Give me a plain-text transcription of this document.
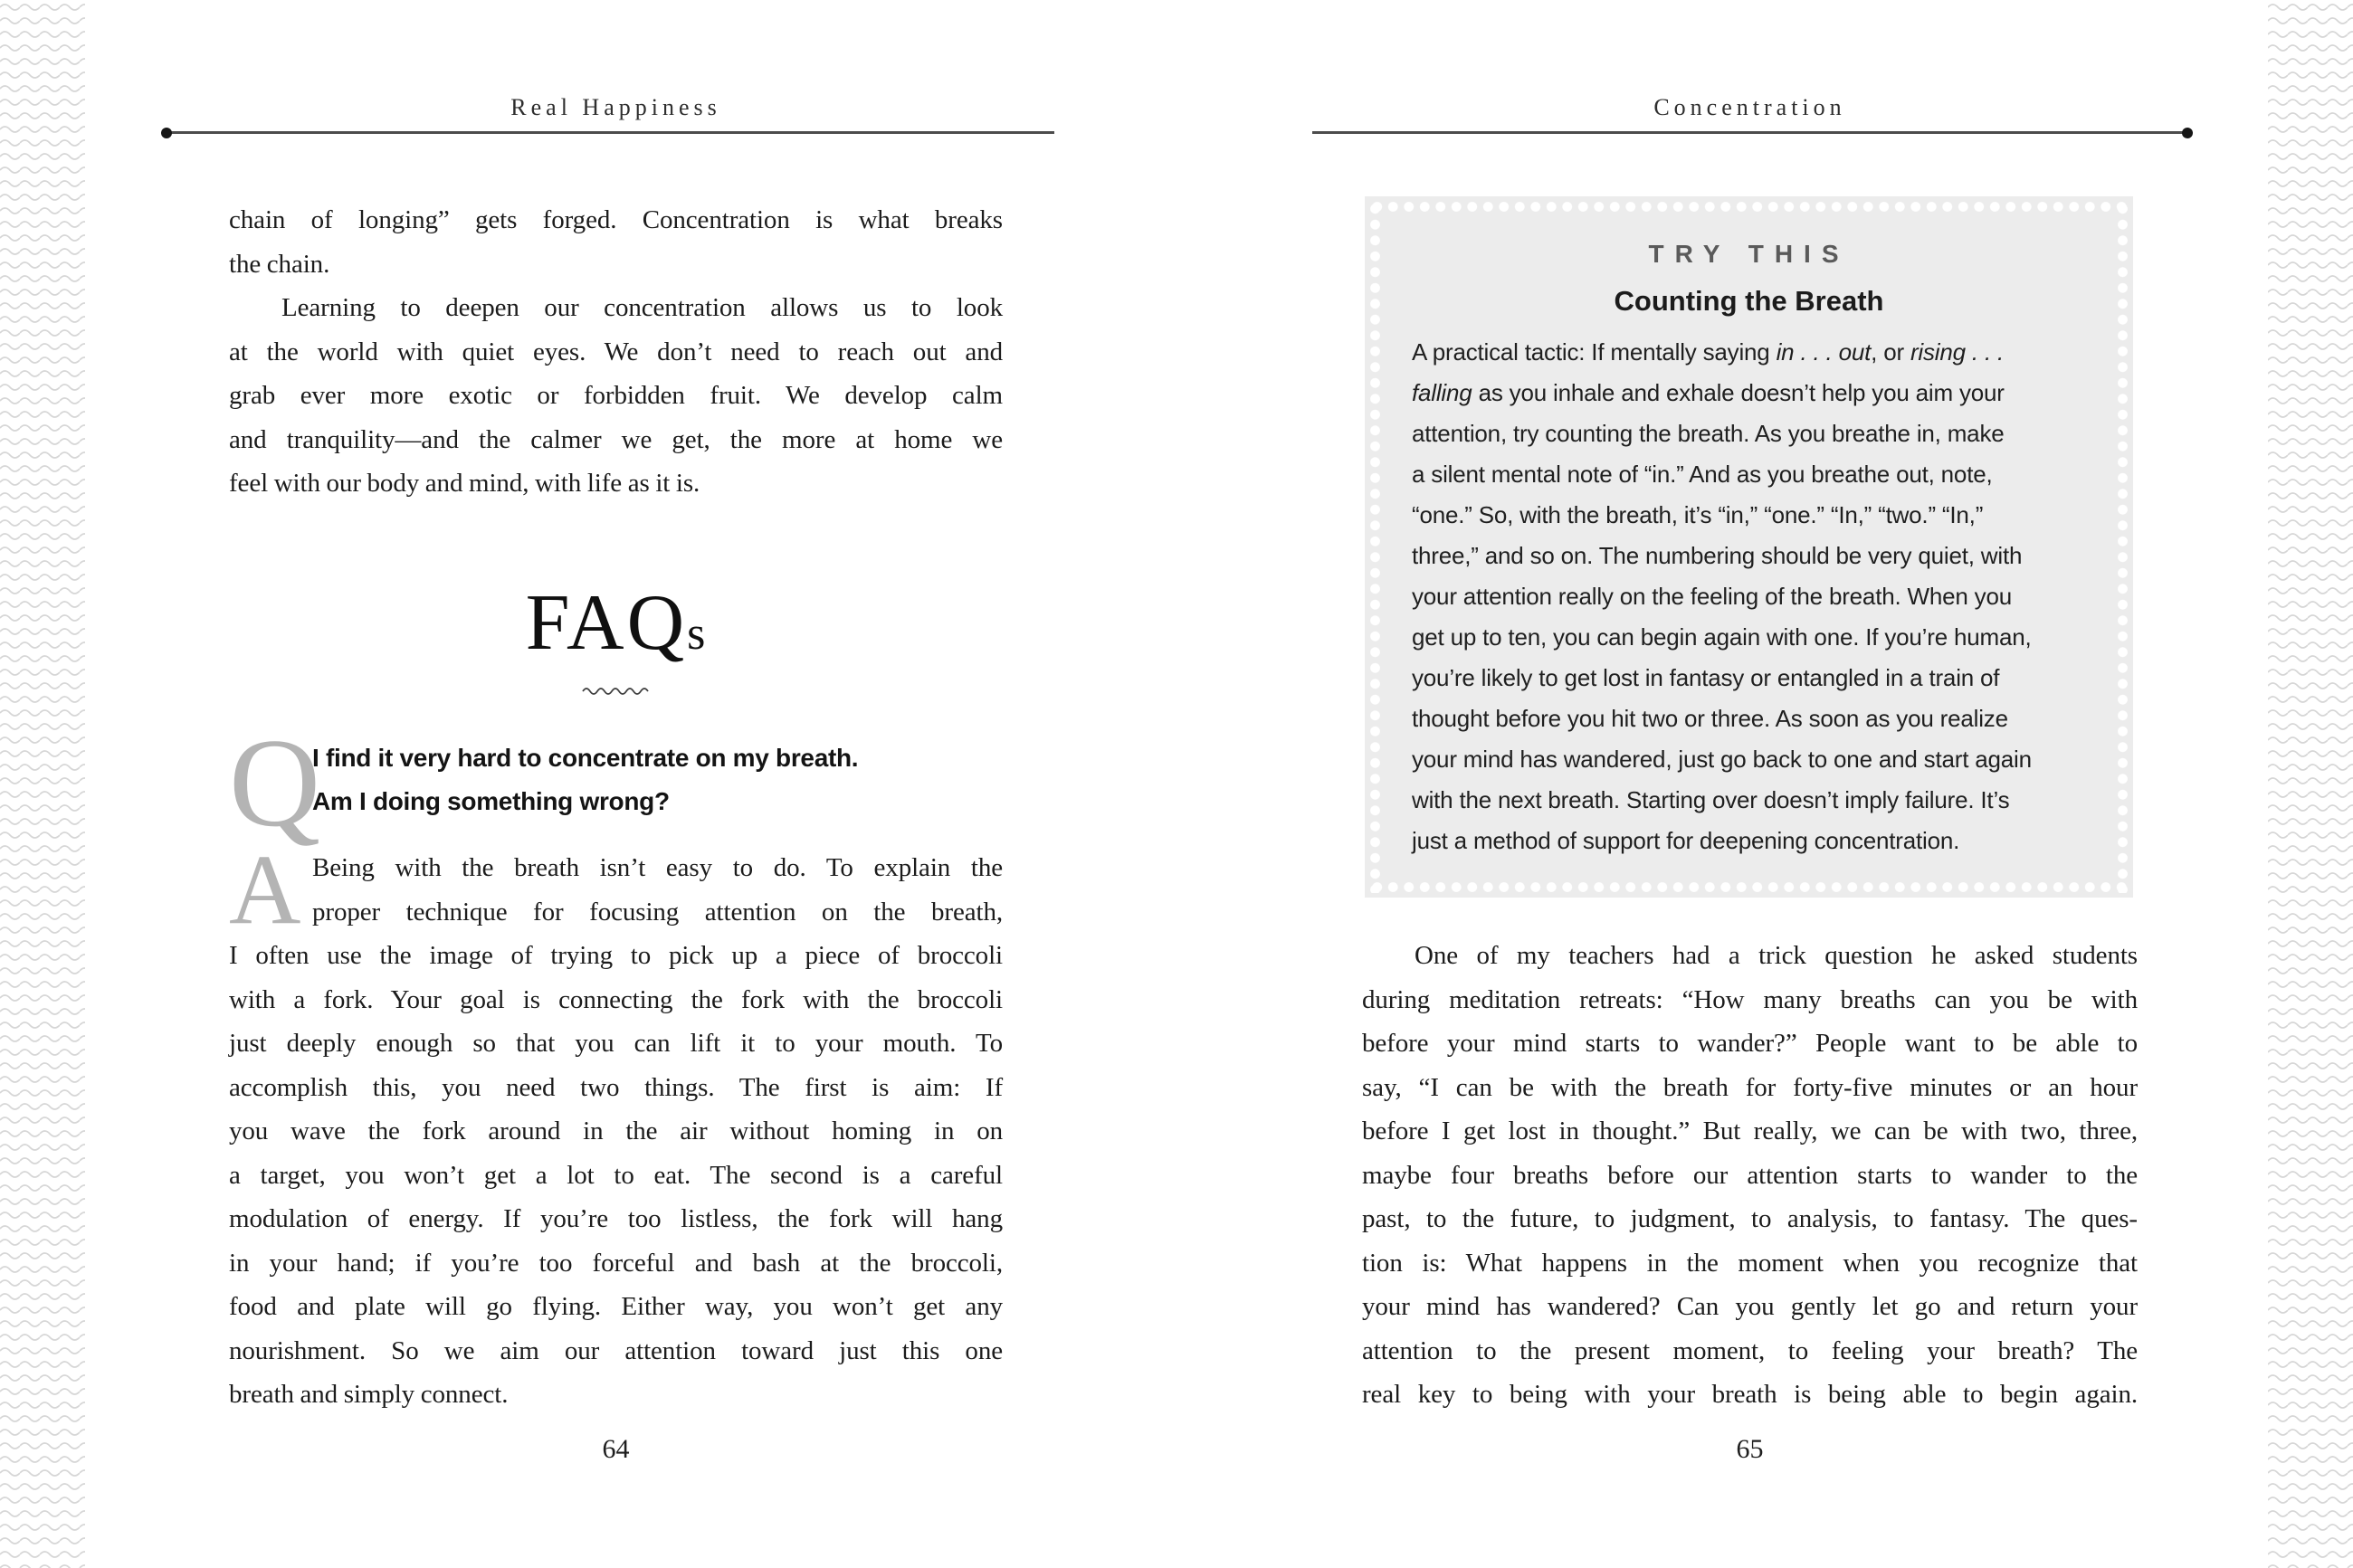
Real Happiness
chain of longing” gets forged. Concentration is what breaks
the chain.
Learning to deepen our concentration allows us to look
at the world with quiet eyes. We don’t need to reach out and
grab ever more exotic or forbidden fruit. We develop calm
and tranquility—and the calmer we get, the more at home we
feel with our body and mind, with life as it is.
FAQs
Q
I find it very hard to concentrate on my breath.
Am I doing something wrong?
A Being with the breath isn’t easy to do. To explain the
proper technique for focusing attention on the breath,
I often use the image of trying to pick up a piece of broccoli
with a fork. Your goal is connecting the fork with the broccoli
just deeply enough so that you can lift it to your mouth. To
accomplish this, you need two things. The first is aim: If
you wave the fork around in the air without homing in on
a target, you won’t get a lot to eat. The second is a careful
modulation of energy. If you’re too listless, the fork will hang
in your hand; if you’re too forceful and bash at the broccoli,
food and plate will go flying. Either way, you won’t get any
nourishment. So we aim our attention toward just this one
breath and simply connect.
64
Concentration
TRY THIS
Counting the Breath
A practical tactic: If mentally saying in . . . out, or rising . . .
falling as you inhale and exhale doesn’t help you aim your
attention, try counting the breath. As you breathe in, make
a silent mental note of “in.” And as you breathe out, note,
“one.” So, with the breath, it’s “in,” “one.” “In,” “two.” “In,”
three,” and so on. The numbering should be very quiet, with
your attention really on the feeling of the breath. When you
get up to ten, you can begin again with one. If you’re human,
you’re likely to get lost in fantasy or entangled in a train of
thought before you hit two or three. As soon as you realize
your mind has wandered, just go back to one and start again
with the next breath. Starting over doesn’t imply failure. It’s
just a method of support for deepening concentration.
One of my teachers had a trick question he asked students
during meditation retreats: “How many breaths can you be with
before your mind starts to wander?” People want to be able to
say, “I can be with the breath for forty-five minutes or an hour
before I get lost in thought.” But really, we can be with two, three,
maybe four breaths before our attention starts to wander to the
past, to the future, to judgment, to analysis, to fantasy. The ques-
tion is: What happens in the moment when you recognize that
your mind has wandered? Can you gently let go and return your
attention to the present moment, to feeling your breath? The
real key to being with your breath is being able to begin again.
65
